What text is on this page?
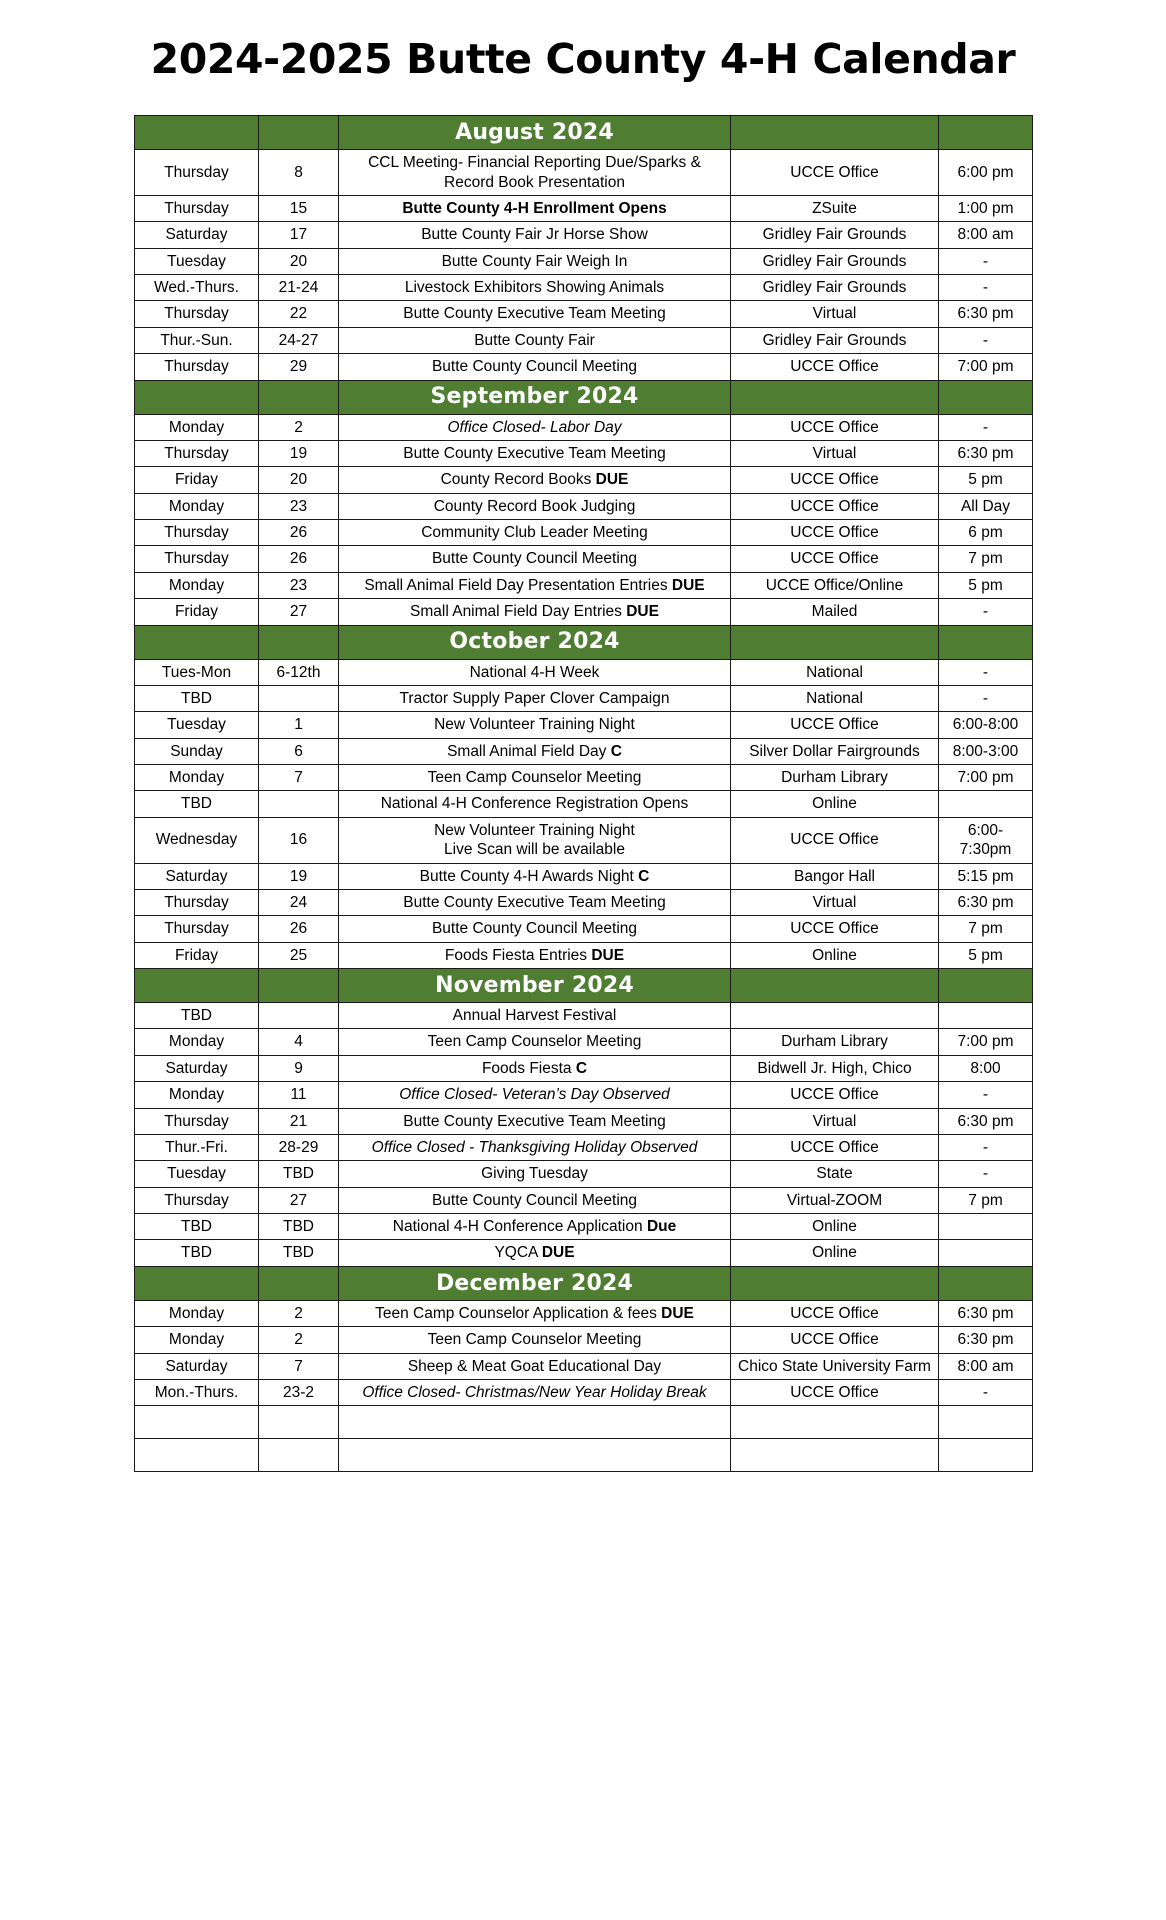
2024-2025 Butte County 4-H Calendar
		August 2024		
Thursday	8	CCL Meeting- Financial Reporting Due/Sparks & Record Book Presentation	UCCE Office	6:00 pm
Thursday	15	Butte County 4-H Enrollment Opens	ZSuite	1:00 pm
Saturday	17	Butte County Fair Jr Horse Show	Gridley Fair Grounds	8:00 am
Tuesday	20	Butte County Fair Weigh In	Gridley Fair Grounds	-
Wed.-Thurs.	21-24	Livestock Exhibitors Showing Animals	Gridley Fair Grounds	-
Thursday	22	Butte County Executive Team Meeting	Virtual	6:30 pm
Thur.-Sun.	24-27	Butte County Fair	Gridley Fair Grounds	-
Thursday	29	Butte County Council Meeting	UCCE Office	7:00 pm
		September 2024		
Monday	2	Office Closed- Labor Day	UCCE Office	-
Thursday	19	Butte County Executive Team Meeting	Virtual	6:30 pm
Friday	20	County Record Books DUE	UCCE Office	5 pm
Monday	23	County Record Book Judging	UCCE Office	All Day
Thursday	26	Community Club Leader Meeting	UCCE Office	6 pm
Thursday	26	Butte County Council Meeting	UCCE Office	7 pm
Monday	23	Small Animal Field Day Presentation Entries DUE	UCCE Office/Online	5 pm
Friday	27	Small Animal Field Day Entries DUE	Mailed	-
		October 2024		
Tues-Mon	6-12th	National 4-H Week	National	-
TBD		Tractor Supply Paper Clover Campaign	National	-
Tuesday	1	New Volunteer Training Night	UCCE Office	6:00-8:00
Sunday	6	Small Animal Field Day C	Silver Dollar Fairgrounds	8:00-3:00
Monday	7	Teen Camp Counselor Meeting	Durham Library	7:00 pm
TBD		National 4-H Conference Registration Opens	Online	
Wednesday	16	New Volunteer Training Night
Live Scan will be available	UCCE Office	6:00-7:30pm
Saturday	19	Butte County 4-H Awards Night C	Bangor Hall	5:15 pm
Thursday	24	Butte County Executive Team Meeting	Virtual	6:30 pm
Thursday	26	Butte County Council Meeting	UCCE Office	7 pm
Friday	25	Foods Fiesta Entries DUE	Online	5 pm
		November 2024		
TBD		Annual Harvest Festival		
Monday	4	Teen Camp Counselor Meeting	Durham Library	7:00 pm
Saturday	9	Foods Fiesta C	Bidwell Jr. High, Chico	8:00
Monday	11	Office Closed- Veteran’s Day Observed	UCCE Office	-
Thursday	21	Butte County Executive Team Meeting	Virtual	6:30 pm
Thur.-Fri.	28-29	Office Closed - Thanksgiving Holiday Observed	UCCE Office	-
Tuesday	TBD	Giving Tuesday	State	-
Thursday	27	Butte County Council Meeting	Virtual-ZOOM	7 pm
TBD	TBD	National 4-H Conference Application Due	Online	
TBD	TBD	YQCA DUE	Online	
		December 2024		
Monday	2	Teen Camp Counselor Application & fees DUE	UCCE Office	6:30 pm
Monday	2	Teen Camp Counselor Meeting	UCCE Office	6:30 pm
Saturday	7	Sheep & Meat Goat Educational Day	Chico State University Farm	8:00 am
Mon.-Thurs.	23-2	Office Closed- Christmas/New Year Holiday Break	UCCE Office	-
